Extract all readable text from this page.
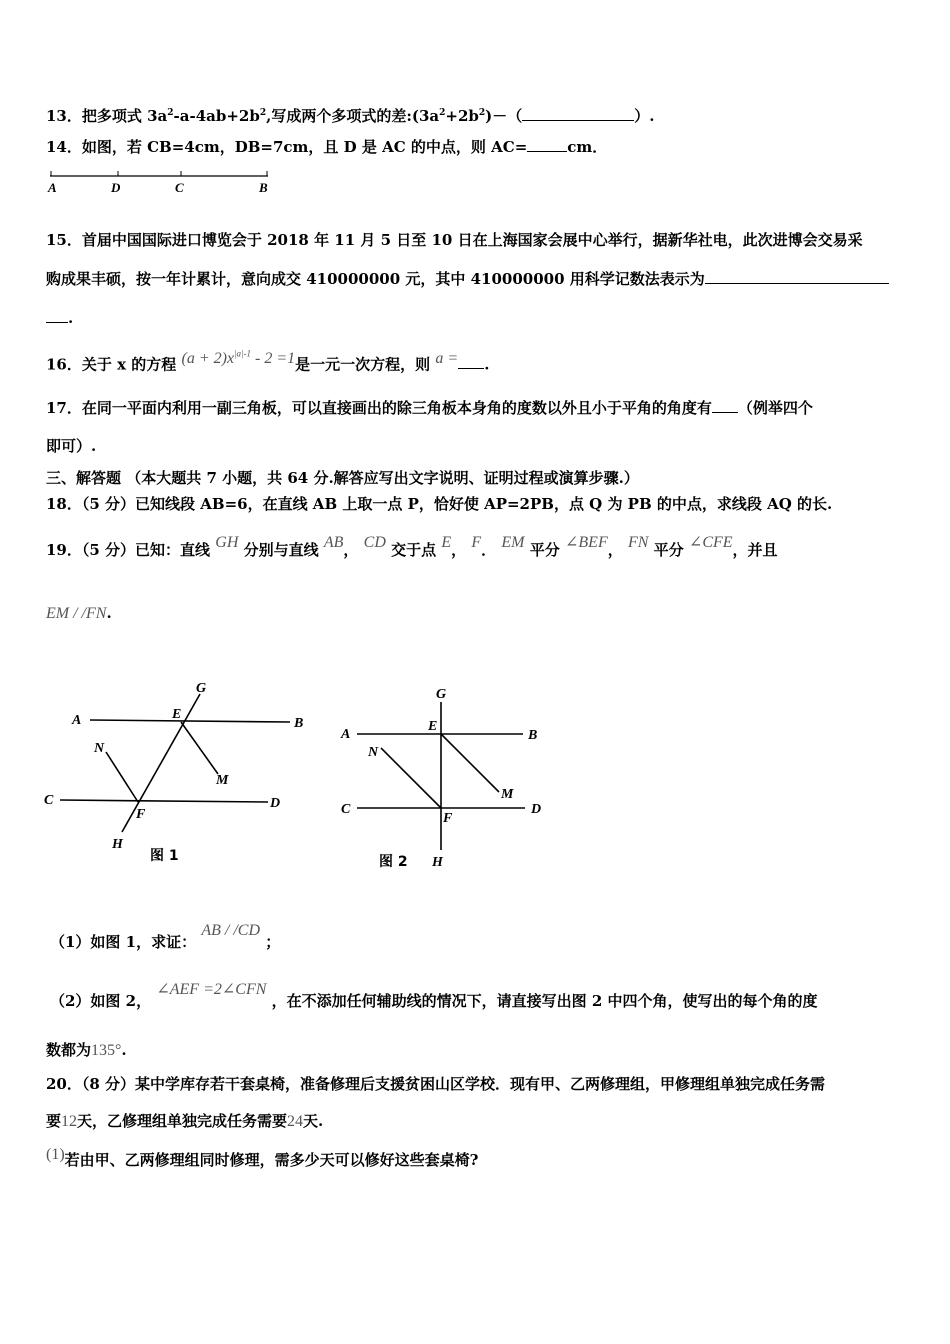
13．把多项式 $3a^2-a-4ab+2b^2$,写成两个多项式的差$:(3a^2+2b^2)-$（	）.
14．如图，若 CB=4cm，DB=7cm，且 D 是 AC 的中点，则 AC=	cm．
A	D	C	B
15．首届中国国际进口博览会于 2018 年 11 月 5 日至 10 日在上海国家会展中心举行，据新华社电，此次进博会交易采
购成果丰硕，按一年计累计，意向成交 410000000 元，其中 410000000 用科学记数法表示为
.
16．关于 x 的方程 $(a + 2)x^{|a|-1} - 2 =1$是一元一次方程，则 a = .
17．在同一平面内利用一副三角板，可以直接画出的除三角板本身角的度数以外且小于平角的角度有 （例举四个
即可）.
三、解答题 （本大题共 7 小题，共 64 分.解答应写出文字说明、证明过程或演算步骤.）
18．（5 分）已知线段 AB=6，在直线 AB 上取一点 P，恰好使 AP=2PB，点 Q 为 PB 的中点，求线段 AQ 的长.
19．（5 分）已知：直线 GH 分别与直线 AB， CD 交于点 E， F． EM 平分 ∠BEF， FN 平分 ∠CFE，并且
EM / /FN.
A	B
C	D
E
F
G
H
M
N
图 1
A	B
C	D
E
F
G
H
M
N
图 2
（1）如图 1，求证： AB / /CD ；
（2）如图 2， ∠AEF =2∠CFN ，在不添加任何辅助线的情况下，请直接写出图 2 中四个角，使写出的每个角的度
数都为135°.
20．（8 分）某中学库存若干套桌椅，准备修理后支援贫困山区学校．现有甲、乙两修理组，甲修理组单独完成任务需
要12天，乙修理组单独完成任务需要24天.
(1)若由甲、乙两修理组同时修理，需多少天可以修好这些套桌椅?
